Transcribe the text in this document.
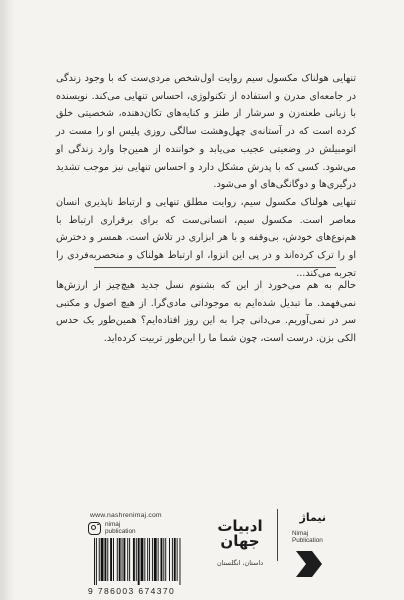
تنهایی هولناک مکسول سیم روایت اول‌شخص مردی‌ست که با وجود زندگی در جامعه‌ای مدرن و استفاده از تکنولوژی، احساس تنهایی می‌کند. نویسنده با زبانی طعنه‌زن و سرشار از طنز و کنایه‌های تکان‌دهنده، شخصیتی خلق کرده است که در آستانه‌ی چهل‌وهشت سالگی روزی پلیس او را مست در اتومبیلش در وضعیتی عجیب می‌یابد و خواننده از همین‌جا وارد زندگی او می‌شود. کسی که با پدرش مشکل دارد و احساس تنهایی نیز موجب تشدید درگیری‌ها و دوگانگی‌های او می‌شود.

تنهایی هولناک مکسول سیم، روایت مطلق تنهایی و ارتباط ناپذیری انسان معاصر است. مکسول سیم، انسانی‌ست که برای برقراری ارتباط با هم‌نوع‌های خودش، بی‌وقفه و با هر ابزاری در تلاش است. همسر و دخترش او را ترک کرده‌اند و در پی این انزوا، او ارتباط هولناک و منحصربه‌فردی را تجربه می‌کند...

حالم به هم می‌خورد از این که بشنوم نسل جدید هیچ‌چیز از ارزش‌ها نمی‌فهمد. ما تبدیل شده‌ایم به موجوداتی مادی‌گرا. از هیچ اصول و مکتبی سر در نمی‌آوریم. می‌دانی چرا به این روز افتاده‌ایم؟ همین‌طور یک حدس الکی بزن. درست است، چون شما ما را این‌طور تربیت کرده‌اید.

www.nashrenimaj.com
nimaj
publication
9 786003 674370
ادبیات
جهان
داستان، انگلستان
نیماژ
Nimaj
Publication
